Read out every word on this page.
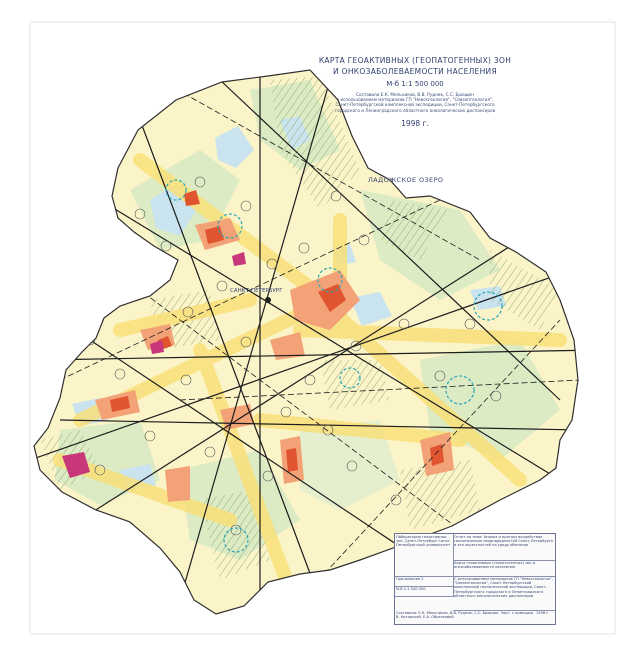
КАРТА ГЕОАКТИВНЫХ (ГЕОПАТОГЕННЫХ) ЗОН
И ОНКОЗАБОЛЕВАЕМОСТИ НАСЕЛЕНИЯ
М-б 1:1 500 000
Составили Е.К. Мельников, В.В. Рудник, С.С. Брюшин
с использованием материалов ГП "Невскгеология", "Севзапгеология",
Санкт-Петербургской комплексной экспедиции, Санкт-Петербургского
городского и Ленинградского областного онкологических диспансеров
1998 г.
ЛАДОЖСКОЕ ОЗЕРО
САНКТ-ПЕТЕРБУРГ
Лаборатория геоактивных зон, Санкт-Петербург Санкт-Петербургский университет
Отчет по теме: Анализ и прогноз воздействия геологических неоднородностей Санкт-Петербурга и его окрестностей на среду обитания
Карта геоактивных (геопатогенных) зон и онкозаболеваемости населения
Приложение 2
М-б 1:1 500 000
С использованием материалов ГП "Невскгеология", "Севзапгеология", Санкт-Петербургской комплексной геологической экспедиции, Санкт-Петербургского городского и Ленинградского областного онкологических диспансеров
Составили: Е.К. Мельников, В.В. Рудник, С.С. Брюшин. Черт. с помощью В. Каторской, Е.А. Обрезковой
1998 г.
